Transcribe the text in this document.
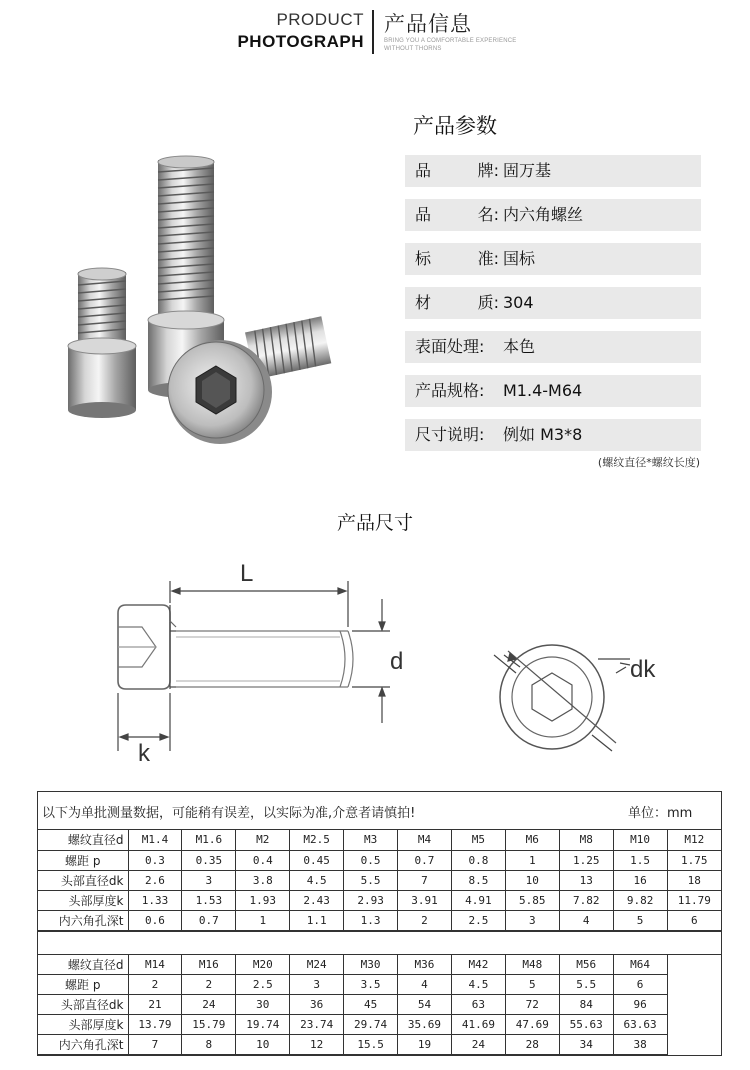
PRODUCT
PHOTOGRAPH
产品信息
BRING YOU A COMFORTABLE EXPERIENCE
WITHOUT THORNS
产品参数
品	牌: 固万基
品	名: 内六角螺丝
标	准: 国标
材	质: 304
表面处理: 本色
产品规格: M1.4-M64
尺寸说明: 例如 M3*8
(螺纹直径*螺纹长度)
产品尺寸
L
d
k
dk
以下为单批测量数据，可能稍有误差，以实际为准,介意者请慎拍!	单位：mm
螺纹直径d	M1.4	M1.6	M2	M2.5	M3	M4	M5	M6	M8	M10	M12
螺距 p	0.3	0.35	0.4	0.45	0.5	0.7	0.8	1	1.25	1.5	1.75
头部直径dk	2.6	3	3.8	4.5	5.5	7	8.5	10	13	16	18
头部厚度k	1.33	1.53	1.93	2.43	2.93	3.91	4.91	5.85	7.82	9.82	11.79
内六角孔深t	0.6	0.7	1	1.1	1.3	2	2.5	3	4	5	6
螺纹直径d	M14	M16	M20	M24	M30	M36	M42	M48	M56	M64	
螺距 p	2	2	2.5	3	3.5	4	4.5	5	5.5	6	
头部直径dk	21	24	30	36	45	54	63	72	84	96	
头部厚度k	13.79	15.79	19.74	23.74	29.74	35.69	41.69	47.69	55.63	63.63	
内六角孔深t	7	8	10	12	15.5	19	24	28	34	38	
